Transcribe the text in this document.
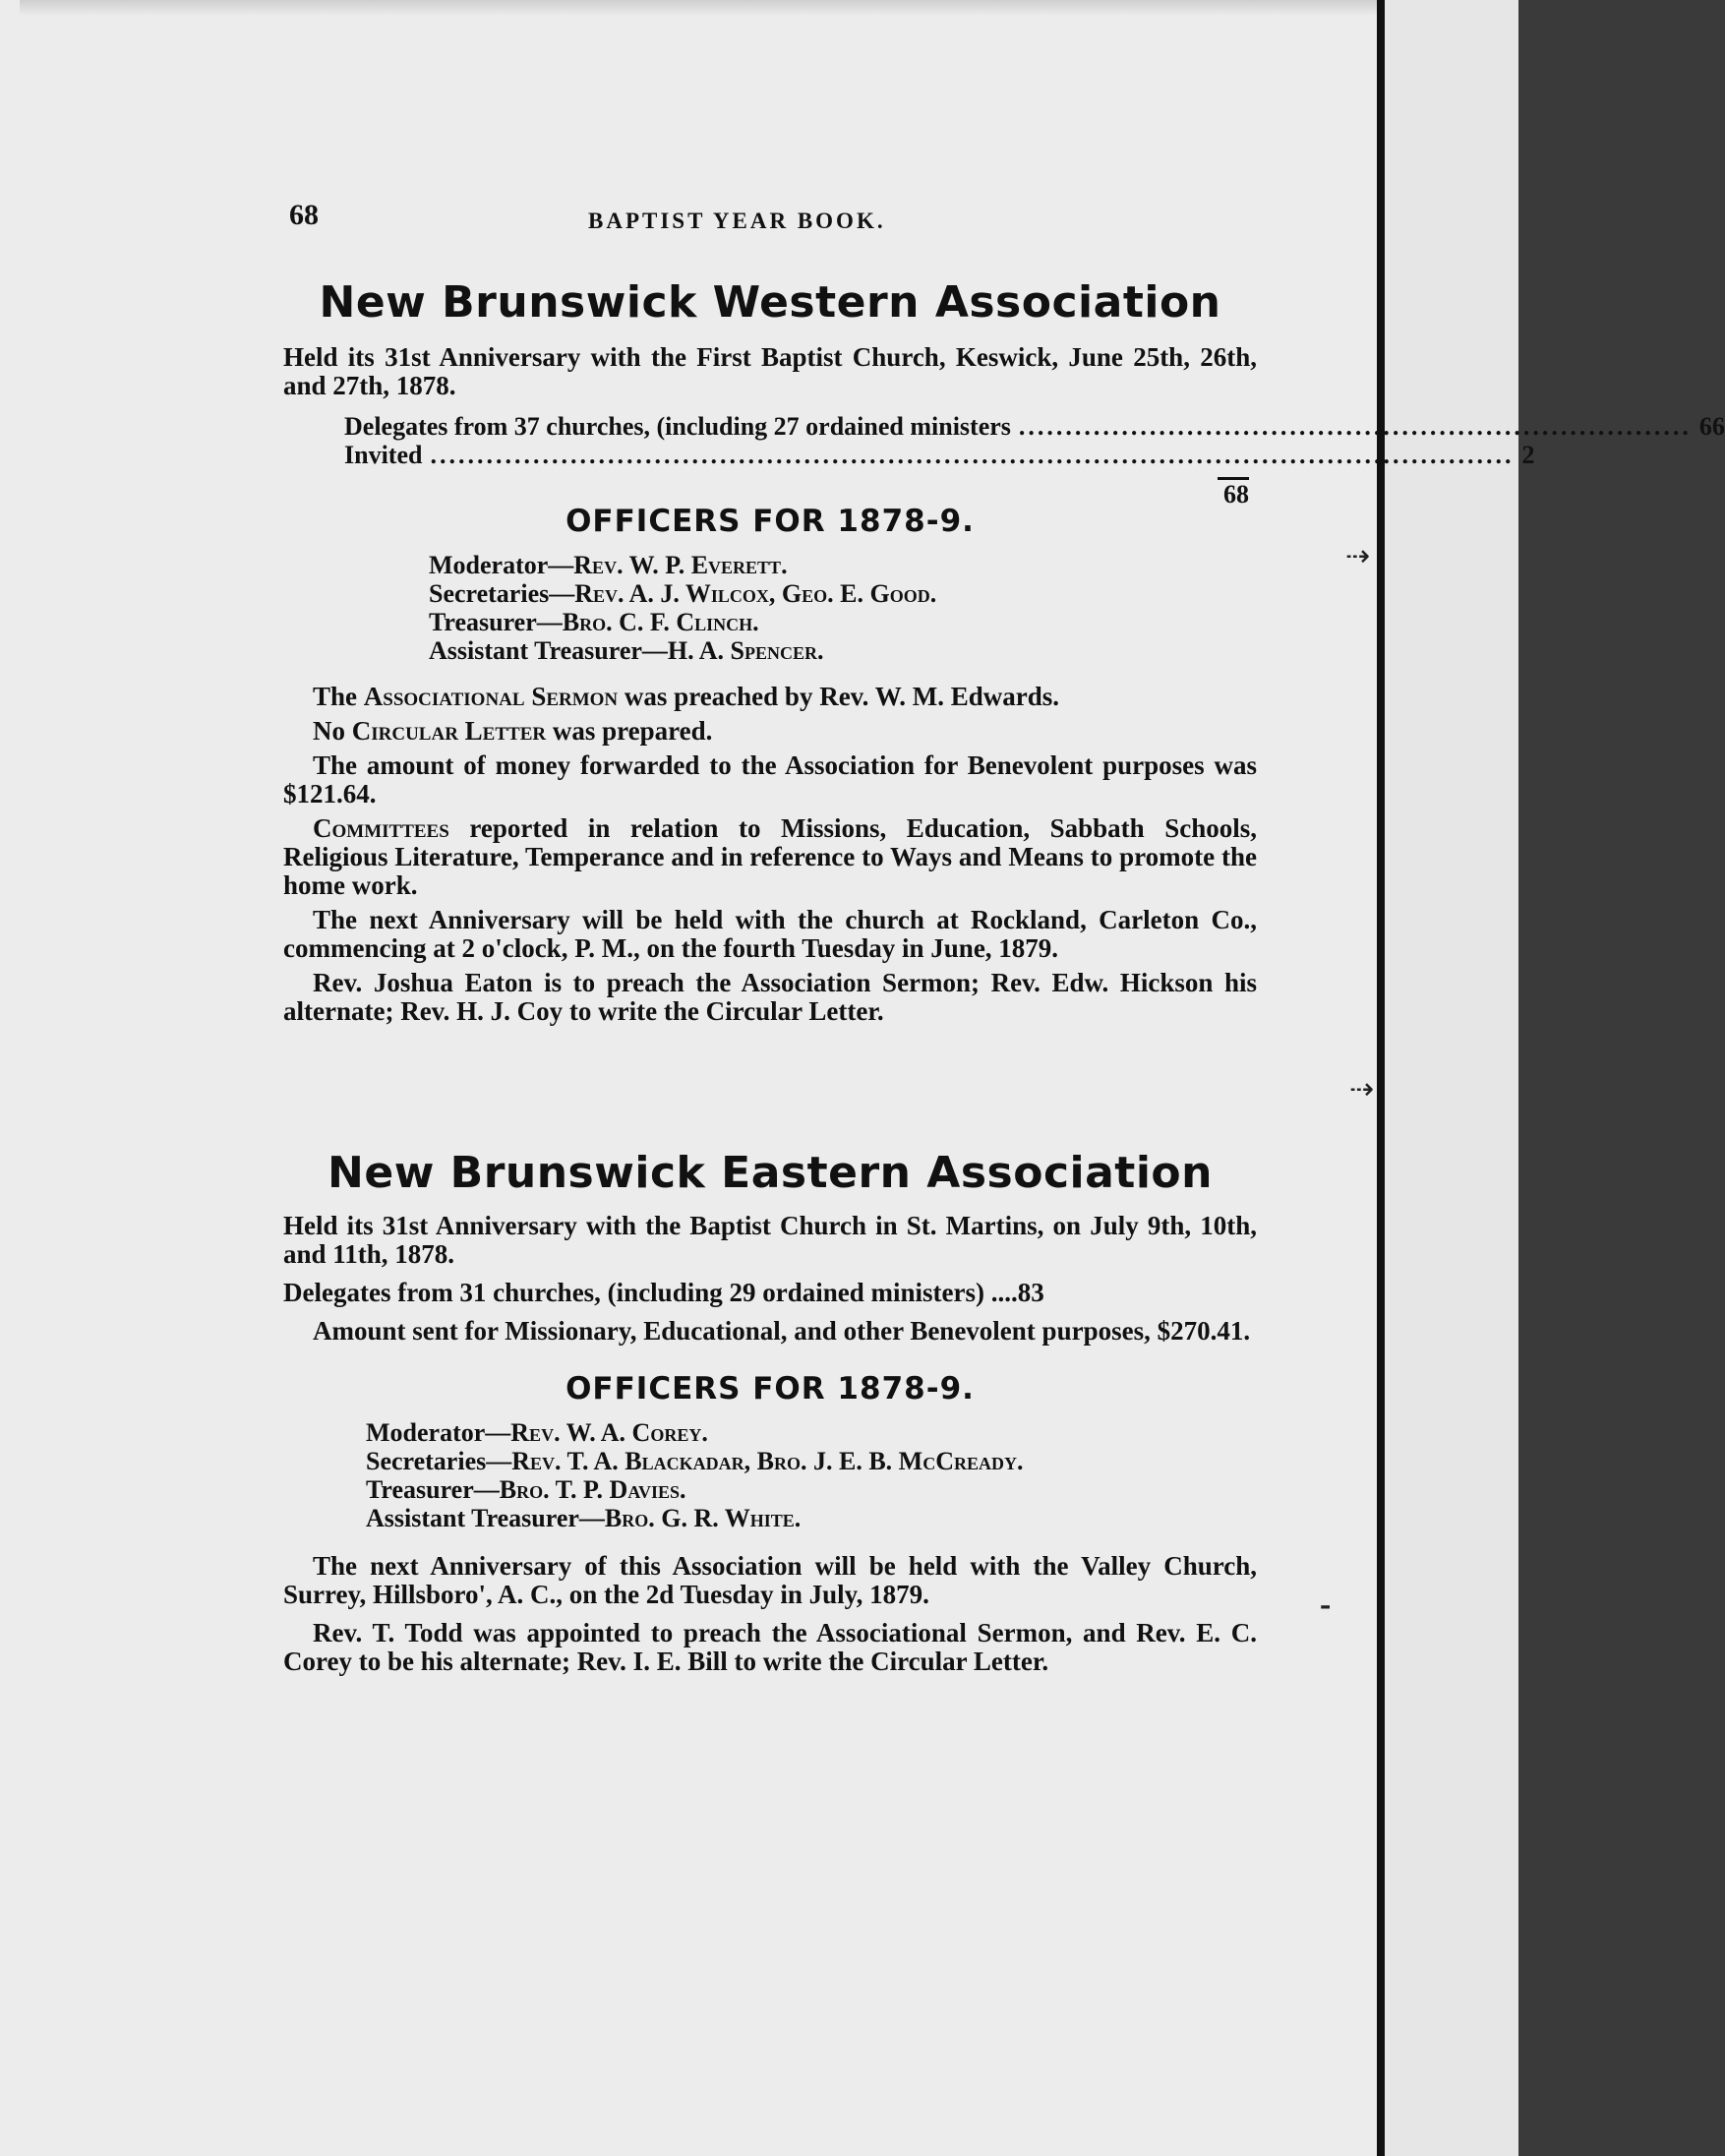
⇢
⇢
⁃
68	BAPTIST YEAR BOOK.
New Brunswick Western Association

Held its 31st Anniversary with the First Baptist Church, Keswick, June 25th, 26th, and 27th, 1878.

Delegates from 37 churches, (including 27 ordained ministers ........................................................................ 66
Invited .................................................................................................................... 2
68
OFFICERS FOR 1878-9.

Moderator—Rev. W. P. Everett.

Secretaries—Rev. A. J. Wilcox, Geo. E. Good.

Treasurer—Bro. C. F. Clinch.

Assistant Treasurer—H. A. Spencer.

The Associational Sermon was preached by Rev. W. M. Edwards.

No Circular Letter was prepared.

The amount of money forwarded to the Association for Benevolent purposes was $121.64.

Committees reported in relation to Missions, Education, Sabbath Schools, Religious Literature, Temperance and in reference to Ways and Means to promote the home work.

The next Anniversary will be held with the church at Rockland, Carleton Co., commencing at 2 o'clock, P. M., on the fourth Tuesday in June, 1879.

Rev. Joshua Eaton is to preach the Association Sermon; Rev. Edw. Hickson his alternate; Rev. H. J. Coy to write the Circular Letter.

New Brunswick Eastern Association

Held its 31st Anniversary with the Baptist Church in St. Martins, on July 9th, 10th, and 11th, 1878.

Delegates from 31 churches, (including 29 ordained ministers) ....83

Amount sent for Missionary, Educational, and other Benevolent purposes, $270.41.

OFFICERS FOR 1878-9.

Moderator—Rev. W. A. Corey.

Secretaries—Rev. T. A. Blackadar, Bro. J. E. B. McCready.

Treasurer—Bro. T. P. Davies.

Assistant Treasurer—Bro. G. R. White.

The next Anniversary of this Association will be held with the Valley Church, Surrey, Hillsboro', A. C., on the 2d Tuesday in July, 1879.

Rev. T. Todd was appointed to preach the Associational Sermon, and Rev. E. C. Corey to be his alternate; Rev. I. E. Bill to write the Circular Letter.
